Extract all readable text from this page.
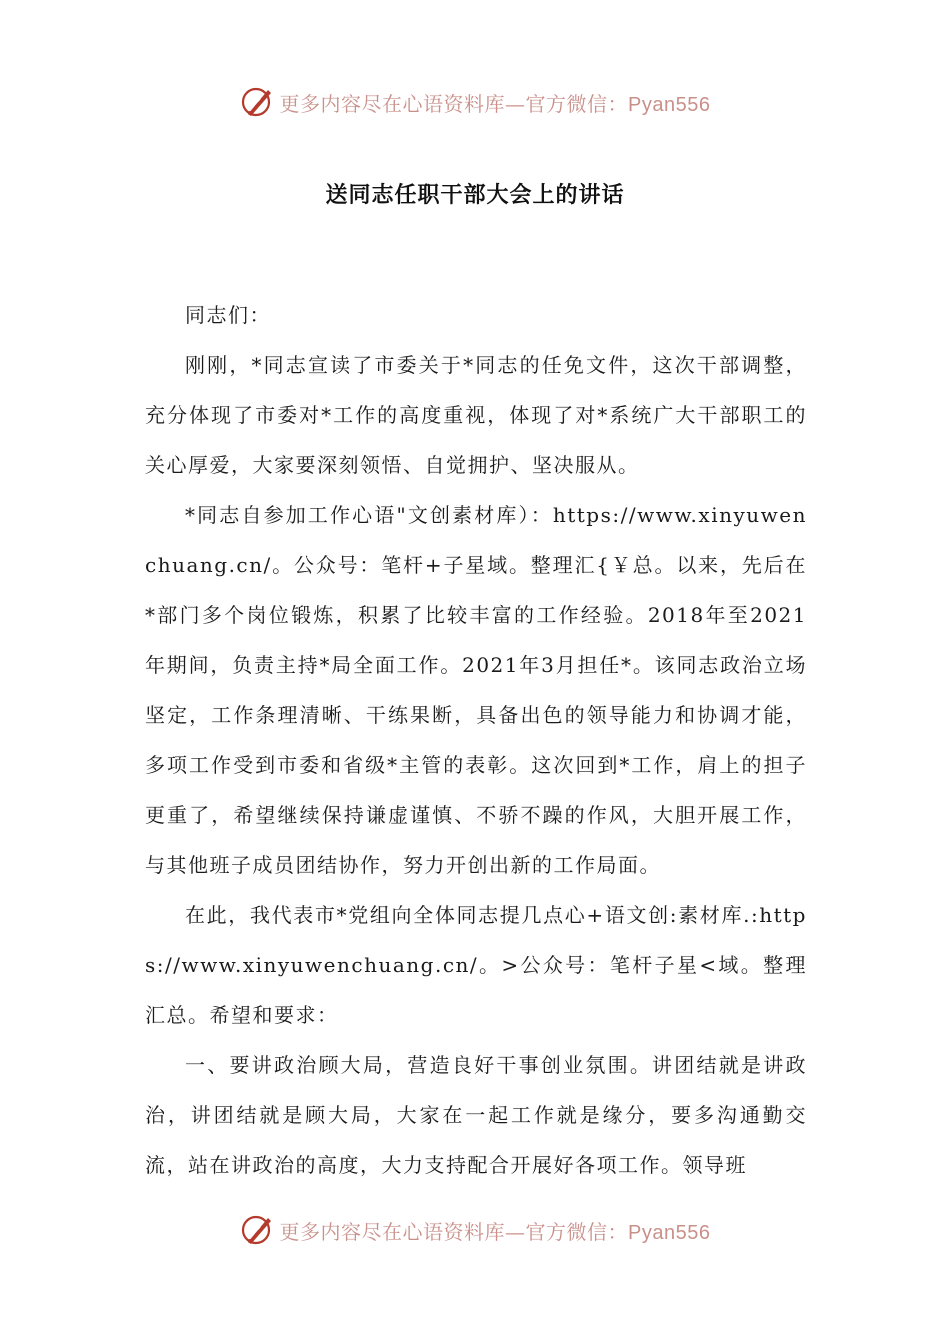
更多内容尽在心语资料库—官方微信：Pyan556
送同志任职干部大会上的讲话

同志们：

刚刚，*同志宣读了市委关于*同志的任免文件，这次干部调整，充分体现了市委对*工作的高度重视，体现了对*系统广大干部职工的关心厚爱，大家要深刻领悟、自觉拥护、坚决服从。

*同志自参加工作心语"文创素材库）：https://www.xinyuwenchuang.cn/。公众号：笔杆+子星域。整理汇{￥总。以来，先后在*部门多个岗位锻炼，积累了比较丰富的工作经验。2018年至2021年期间，负责主持*局全面工作。2021年3月担任*。该同志政治立场坚定，工作条理清晰、干练果断，具备出色的领导能力和协调才能，多项工作受到市委和省级*主管的表彰。这次回到*工作，肩上的担子更重了，希望继续保持谦虚谨慎、不骄不躁的作风，大胆开展工作，与其他班子成员团结协作，努力开创出新的工作局面。

在此，我代表市*党组向全体同志提几点心+语文创:素材库.:https://www.xinyuwenchuang.cn/。>公众号：笔杆子星<域。整理汇总。希望和要求：

一、要讲政治顾大局，营造良好干事创业氛围。讲团结就是讲政治，讲团结就是顾大局，大家在一起工作就是缘分，要多沟通勤交流，站在讲政治的高度，大力支持配合开展好各项工作。领导班

更多内容尽在心语资料库—官方微信：Pyan556
